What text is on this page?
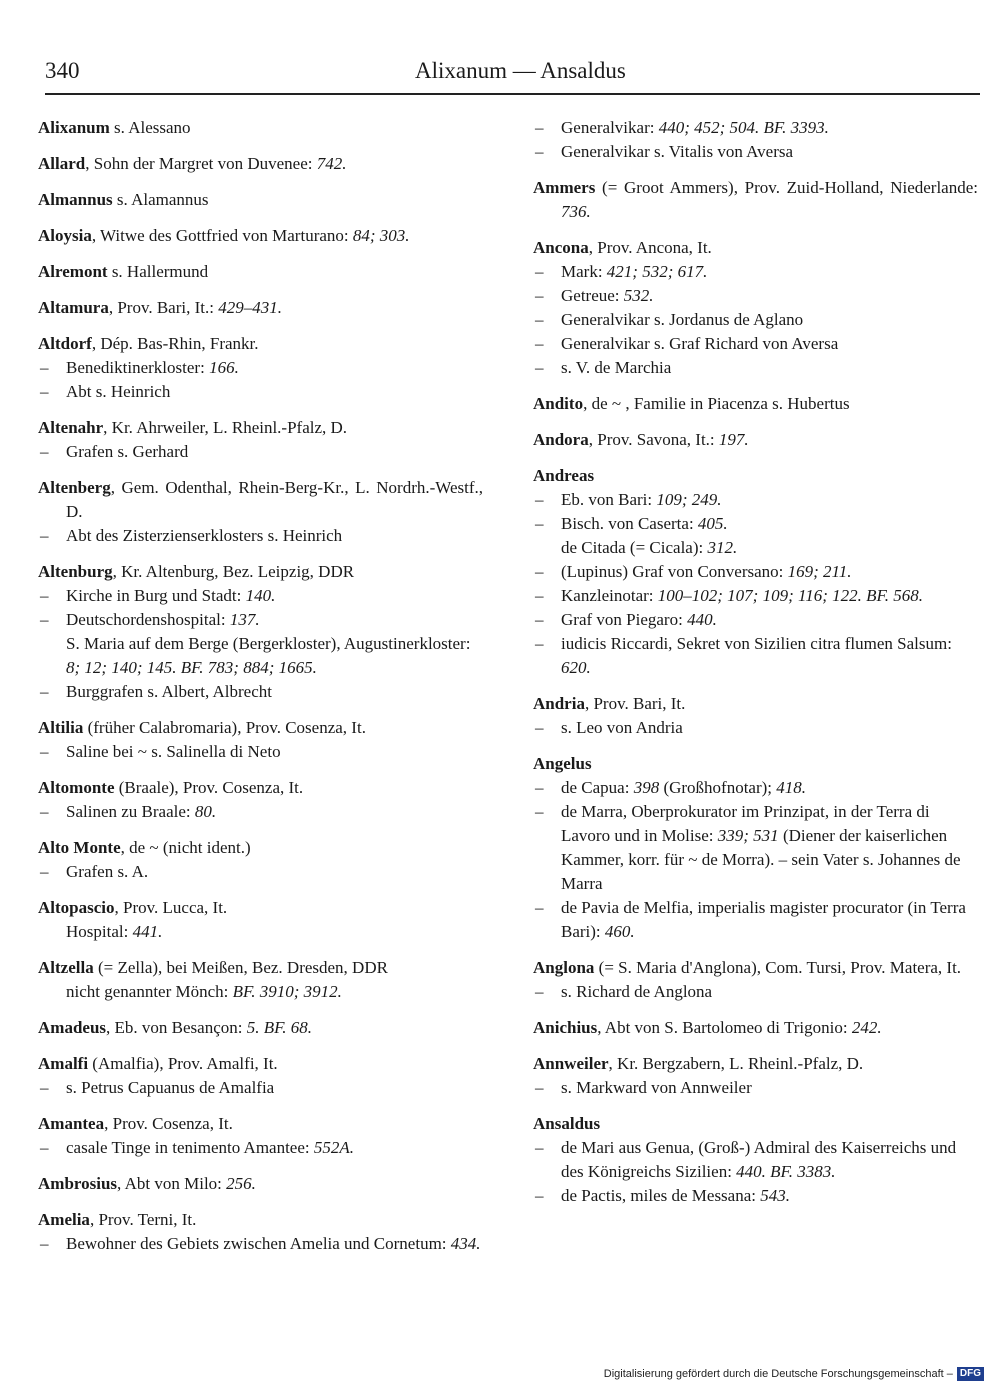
340	Alixanum — Ansaldus
Alixanum s. Alessano
Allard, Sohn der Margret von Duvenee: 742.
Almannus s. Alamannus
Aloysia, Witwe des Gottfried von Marturano: 84; 303.
Alremont s. Hallermund
Altamura, Prov. Bari, It.: 429–431.
Altdorf, Dép. Bas-Rhin, Frankr.
– Benediktinerkloster: 166.
– Abt s. Heinrich
Altenahr, Kr. Ahrweiler, L. Rheinl.-Pfalz, D.
– Grafen s. Gerhard
Altenberg, Gem. Odenthal, Rhein-Berg-Kr., L. Nordrh.-Westf., D.
– Abt des Zisterzienserklosters s. Heinrich
Altenburg, Kr. Altenburg, Bez. Leipzig, DDR
– Kirche in Burg und Stadt: 140.
– Deutschordenshospital: 137.
S. Maria auf dem Berge (Bergerkloster), Augustinerkloster: 8; 12; 140; 145. BF. 783; 884; 1665.
– Burggrafen s. Albert, Albrecht
Altilia (früher Calabromaria), Prov. Cosenza, It.
– Saline bei ~ s. Salinella di Neto
Altomonte (Braale), Prov. Cosenza, It.
– Salinen zu Braale: 80.
Alto Monte, de ~ (nicht ident.)
– Grafen s. A.
Altopascio, Prov. Lucca, It.
Hospital: 441.
Altzella (= Zella), bei Meißen, Bez. Dresden, DDR
nicht genannter Mönch: BF. 3910; 3912.
Amadeus, Eb. von Besançon: 5. BF. 68.
Amalfi (Amalfia), Prov. Amalfi, It.
– s. Petrus Capuanus de Amalfia
Amantea, Prov. Cosenza, It.
– casale Tinge in tenimento Amantee: 552A.
Ambrosius, Abt von Milo: 256.
Amelia, Prov. Terni, It.
– Bewohner des Gebiets zwischen Amelia und Cornetum: 434.
– Generalvikar: 440; 452; 504. BF. 3393.
– Generalvikar s. Vitalis von Aversa
Ammers (= Groot Ammers), Prov. Zuid-Holland, Niederlande: 736.
Ancona, Prov. Ancona, It.
– Mark: 421; 532; 617.
– Getreue: 532.
– Generalvikar s. Jordanus de Aglano
– Generalvikar s. Graf Richard von Aversa
– s. V. de Marchia
Andito, de ~ , Familie in Piacenza s. Hubertus
Andora, Prov. Savona, It.: 197.
Andreas
– Eb. von Bari: 109; 249.
– Bisch. von Caserta: 405.
de Citada (= Cicala): 312.
– (Lupinus) Graf von Conversano: 169; 211.
– Kanzleinotar: 100–102; 107; 109; 116; 122. BF. 568.
– Graf von Piegaro: 440.
– iudicis Riccardi, Sekret von Sizilien citra flumen Salsum: 620.
Andria, Prov. Bari, It.
– s. Leo von Andria
Angelus
– de Capua: 398 (Großhofnotar); 418.
– de Marra, Oberprokurator im Prinzipat, in der Terra di Lavoro und in Molise: 339; 531 (Diener der kaiserlichen Kammer, korr. für ~ de Morra). – sein Vater s. Johannes de Marra
– de Pavia de Melfia, imperialis magister procurator (in Terra Bari): 460.
Anglona (= S. Maria d'Anglona), Com. Tursi, Prov. Matera, It.
– s. Richard de Anglona
Anichius, Abt von S. Bartolomeo di Trigonio: 242.
Annweiler, Kr. Bergzabern, L. Rheinl.-Pfalz, D.
– s. Markward von Annweiler
Ansaldus
– de Mari aus Genua, (Groß-) Admiral des Kaiserreichs und des Königreichs Sizilien: 440. BF. 3383.
– de Pactis, miles de Messana: 543.
Digitalisierung gefördert durch die Deutsche Forschungsgemeinschaft – DFG
